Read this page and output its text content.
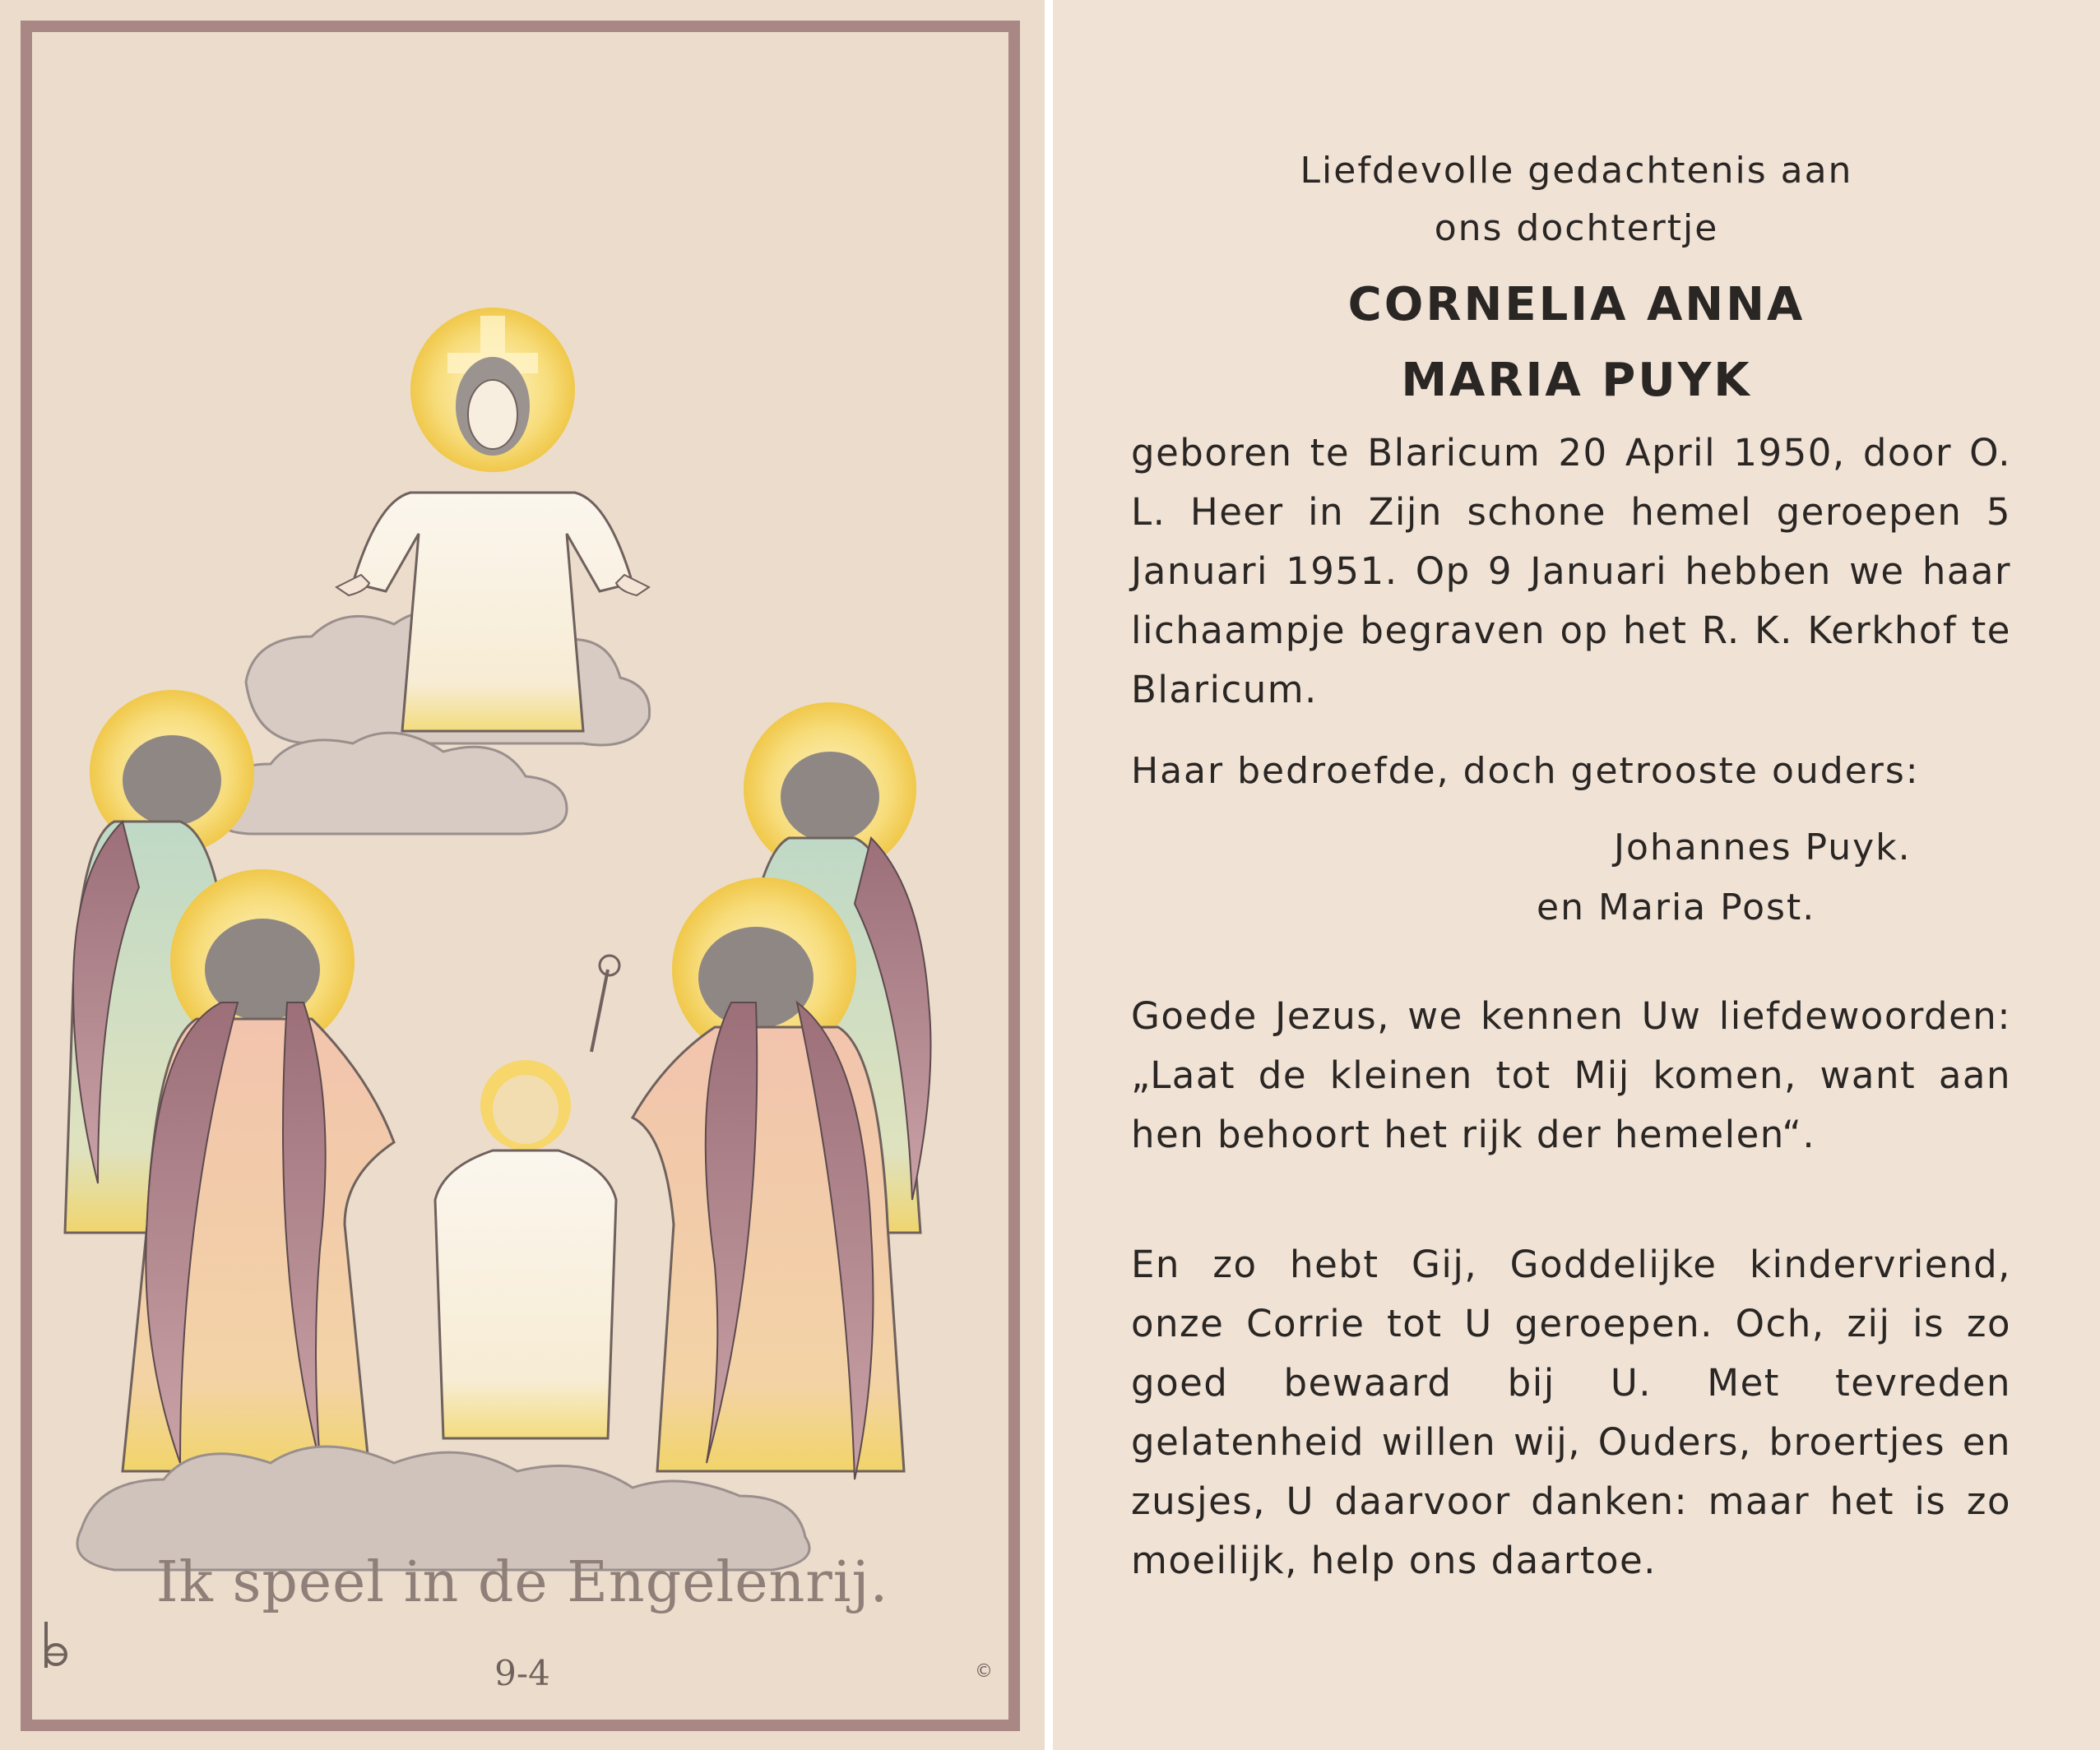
Ik speel in de Engelenrij.
9-4	©
Liefdevolle gedachtenis aan
ons dochtertje
CORNELIA ANNA
MARIA PUYK

geboren te Blaricum 20 April 1950, door O. L. Heer in Zijn schone hemel geroepen 5 Januari 1951. Op 9 Januari hebben we haar lichaampje begraven op het R. K. Kerkhof te Blaricum.

Haar bedroefde, doch getrooste ouders:
Johannes Puyk.
en Maria Post.

Goede Jezus, we kennen Uw liefdewoorden: „Laat de kleinen tot Mij komen, want aan hen behoort het rijk der hemelen“.

En zo hebt Gij, Goddelijke kindervriend, onze Corrie tot U geroepen. Och, zij is zo goed bewaard bij U. Met tevreden gelatenheid willen wij, Ouders, broertjes en zusjes, U daarvoor danken: maar het is zo moeilijk, help ons daartoe.
